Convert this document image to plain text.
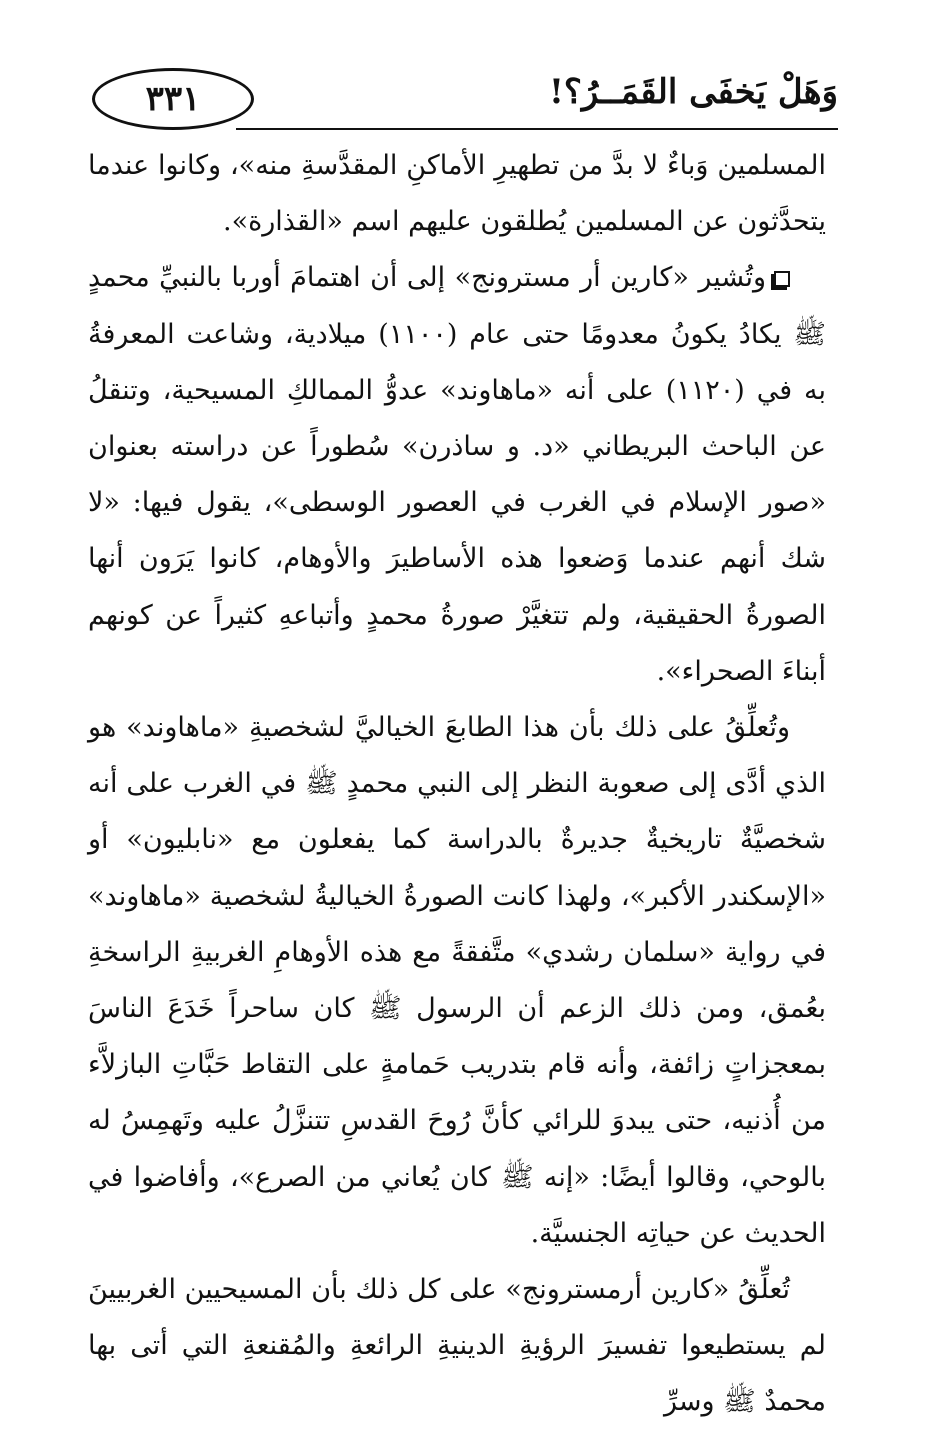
٣٣١	وَهَلْ يَخفَى القَمَــرُ؟!

المسلمين وَباءٌ لا بدَّ من تطهيرِ الأماكنِ المقدَّسةِ منه»، وكانوا عندما يتحدَّثون عن المسلمين يُطلقون عليهم اسم «القذارة».

وتُشير «كارين أر مسترونج» إلى أن اهتمامَ أوربا بالنبيِّ محمدٍ ﷺ يكادُ يكونُ معدومًا حتى عام (١١٠٠) ميلادية، وشاعت المعرفةُ به في (١١٢٠) على أنه «ماهاوند» عدوُّ الممالكِ المسيحية، وتنقلُ عن الباحث البريطاني «د. و ساذرن» سُطوراً عن دراسته بعنوان «صور الإسلام في الغرب في العصور الوسطى»، يقول فيها: «لا شك أنهم عندما وَضعوا هذه الأساطيرَ والأوهام، كانوا يَرَون أنها الصورةُ الحقيقية، ولم تتغيَّرْ صورةُ محمدٍ وأتباعهِ كثيراً عن كونهم أبناءَ الصحراء».

وتُعلِّقُ على ذلك بأن هذا الطابعَ الخياليَّ لشخصيةِ «ماهاوند» هو الذي أدَّى إلى صعوبة النظر إلى النبي محمدٍ ﷺ في الغرب على أنه شخصيَّةٌ تاريخيةٌ جديرةٌ بالدراسة كما يفعلون مع «نابليون» أو «الإسكندر الأكبر»، ولهذا كانت الصورةُ الخياليةُ لشخصية «ماهاوند» في رواية «سلمان رشدي» متَّفقةً مع هذه الأوهامِ الغربيةِ الراسخةِ بعُمق، ومن ذلك الزعم أن الرسول ﷺ كان ساحراً خَدَعَ الناسَ بمعجزاتٍ زائفة، وأنه قام بتدريب حَمامةٍ على التقاط حَبَّاتِ البازلاَّء من أُذنيه، حتى يبدوَ للرائي كأنَّ رُوحَ القدسِ تتنزَّلُ عليه وتَهمِسُ له بالوحي، وقالوا أيضًا: «إنه ﷺ كان يُعاني من الصرع»، وأفاضوا في الحديث عن حياتِه الجنسيَّة.

تُعلِّقُ «كارين أرمسترونج» على كل ذلك بأن المسيحيين الغربيينَ لم يستطيعوا تفسيرَ الرؤيةِ الدينيةِ الرائعةِ والمُقنعةِ التي أتى بها محمدٌ ﷺ وسرِّ
